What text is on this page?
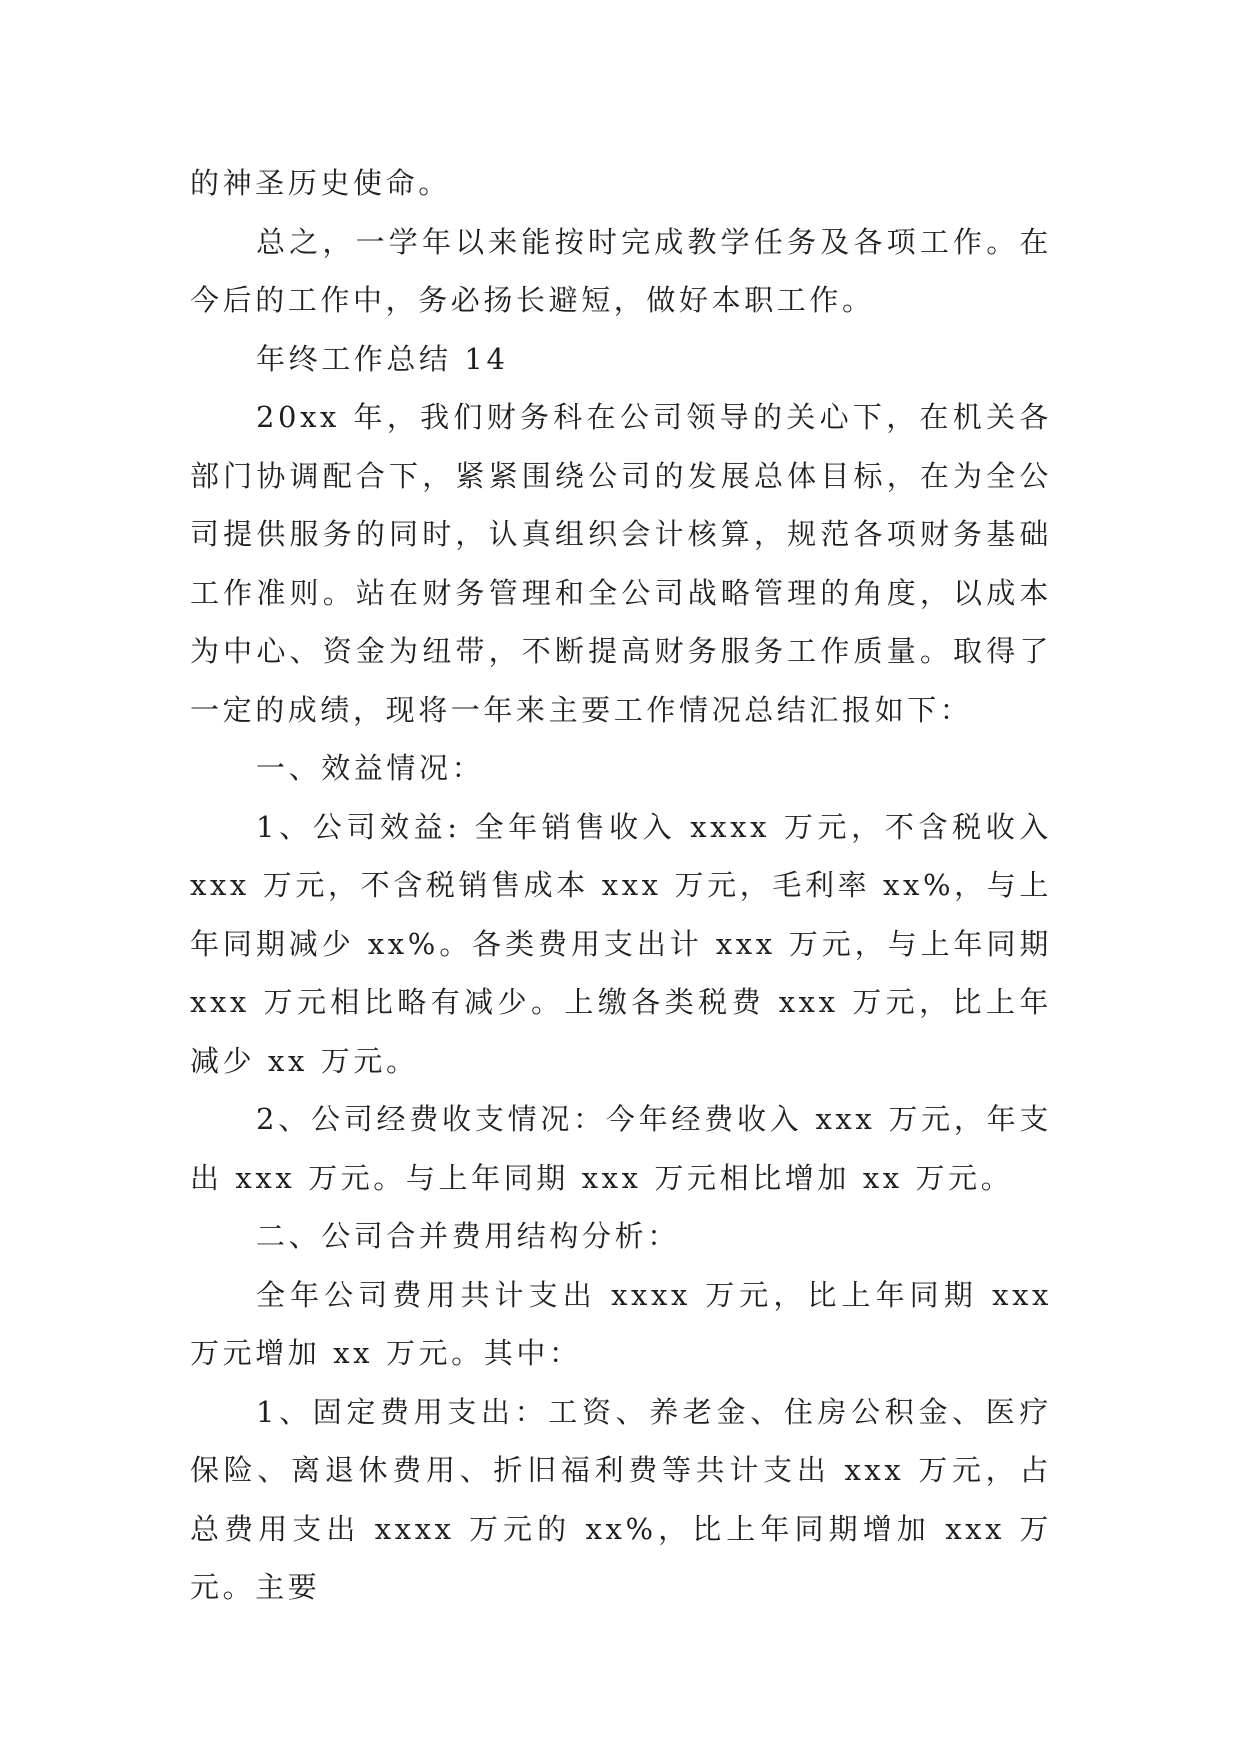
的神圣历史使命。

总之，一学年以来能按时完成教学任务及各项工作。在今后的工作中，务必扬长避短，做好本职工作。

年终工作总结 14

20xx 年，我们财务科在公司领导的关心下，在机关各部门协调配合下，紧紧围绕公司的发展总体目标，在为全公司提供服务的同时，认真组织会计核算，规范各项财务基础工作准则。站在财务管理和全公司战略管理的角度，以成本为中心、资金为纽带，不断提高财务服务工作质量。取得了一定的成绩，现将一年来主要工作情况总结汇报如下：

一、效益情况：

1、公司效益: 全年销售收入 xxxx 万元，不含税收入 xxx 万元，不含税销售成本 xxx 万元，毛利率 xx%，与上年同期减少 xx%。各类费用支出计 xxx 万元，与上年同期 xxx 万元相比略有减少。上缴各类税费 xxx 万元，比上年减少 xx 万元。

2、公司经费收支情况：今年经费收入 xxx 万元，年支出 xxx 万元。与上年同期 xxx 万元相比增加 xx 万元。

二、公司合并费用结构分析：

全年公司费用共计支出 xxxx 万元，比上年同期 xxx 万元增加 xx 万元。其中：

1、固定费用支出：工资、养老金、住房公积金、医疗保险、离退休费用、折旧福利费等共计支出 xxx 万元，占总费用支出 xxxx 万元的 xx%，比上年同期增加 xxx 万元。主要
